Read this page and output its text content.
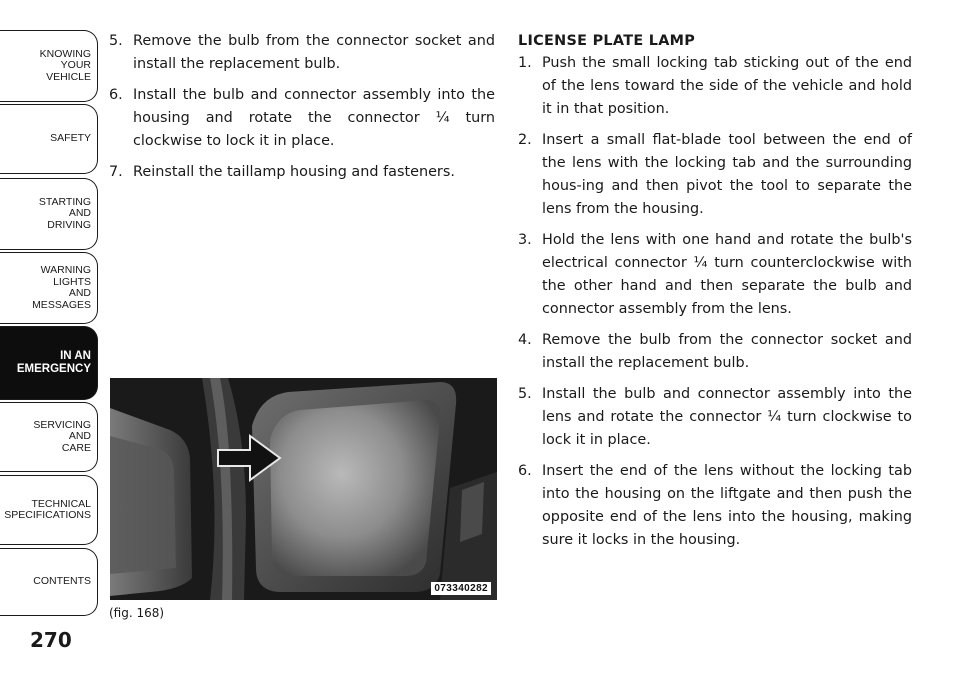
KNOWING
YOUR
VEHICLE
SAFETY
STARTING
AND
DRIVING
WARNING
LIGHTS
AND
MESSAGES
IN AN
EMERGENCY
SERVICING
AND
CARE
TECHNICAL
SPECIFICATIONS
CONTENTS
270
5. Remove the bulb from the connector socket and install the replacement bulb.
6. Install the bulb and connector assembly into the housing and rotate the connector ¼ turn clockwise to lock it in place.
7. Reinstall the taillamp housing and fasteners.
073340282
(fig. 168)
LICENSE PLATE LAMP
1. Push the small locking tab sticking out of the end of the lens toward the side of the vehicle and hold it in that position.
2. Insert a small flat-blade tool between the end of the lens with the locking tab and the surrounding hous-ing and then pivot the tool to separate the lens from the housing.
3. Hold the lens with one hand and rotate the bulb's electrical connector ¼ turn counterclockwise with the other hand and then separate the bulb and connector assembly from the lens.
4. Remove the bulb from the connector socket and install the replacement bulb.
5. Install the bulb and connector assembly into the lens and rotate the connector ¼ turn clockwise to lock it in place.
6. Insert the end of the lens without the locking tab into the housing on the liftgate and then push the opposite end of the lens into the housing, making sure it locks in the housing.
